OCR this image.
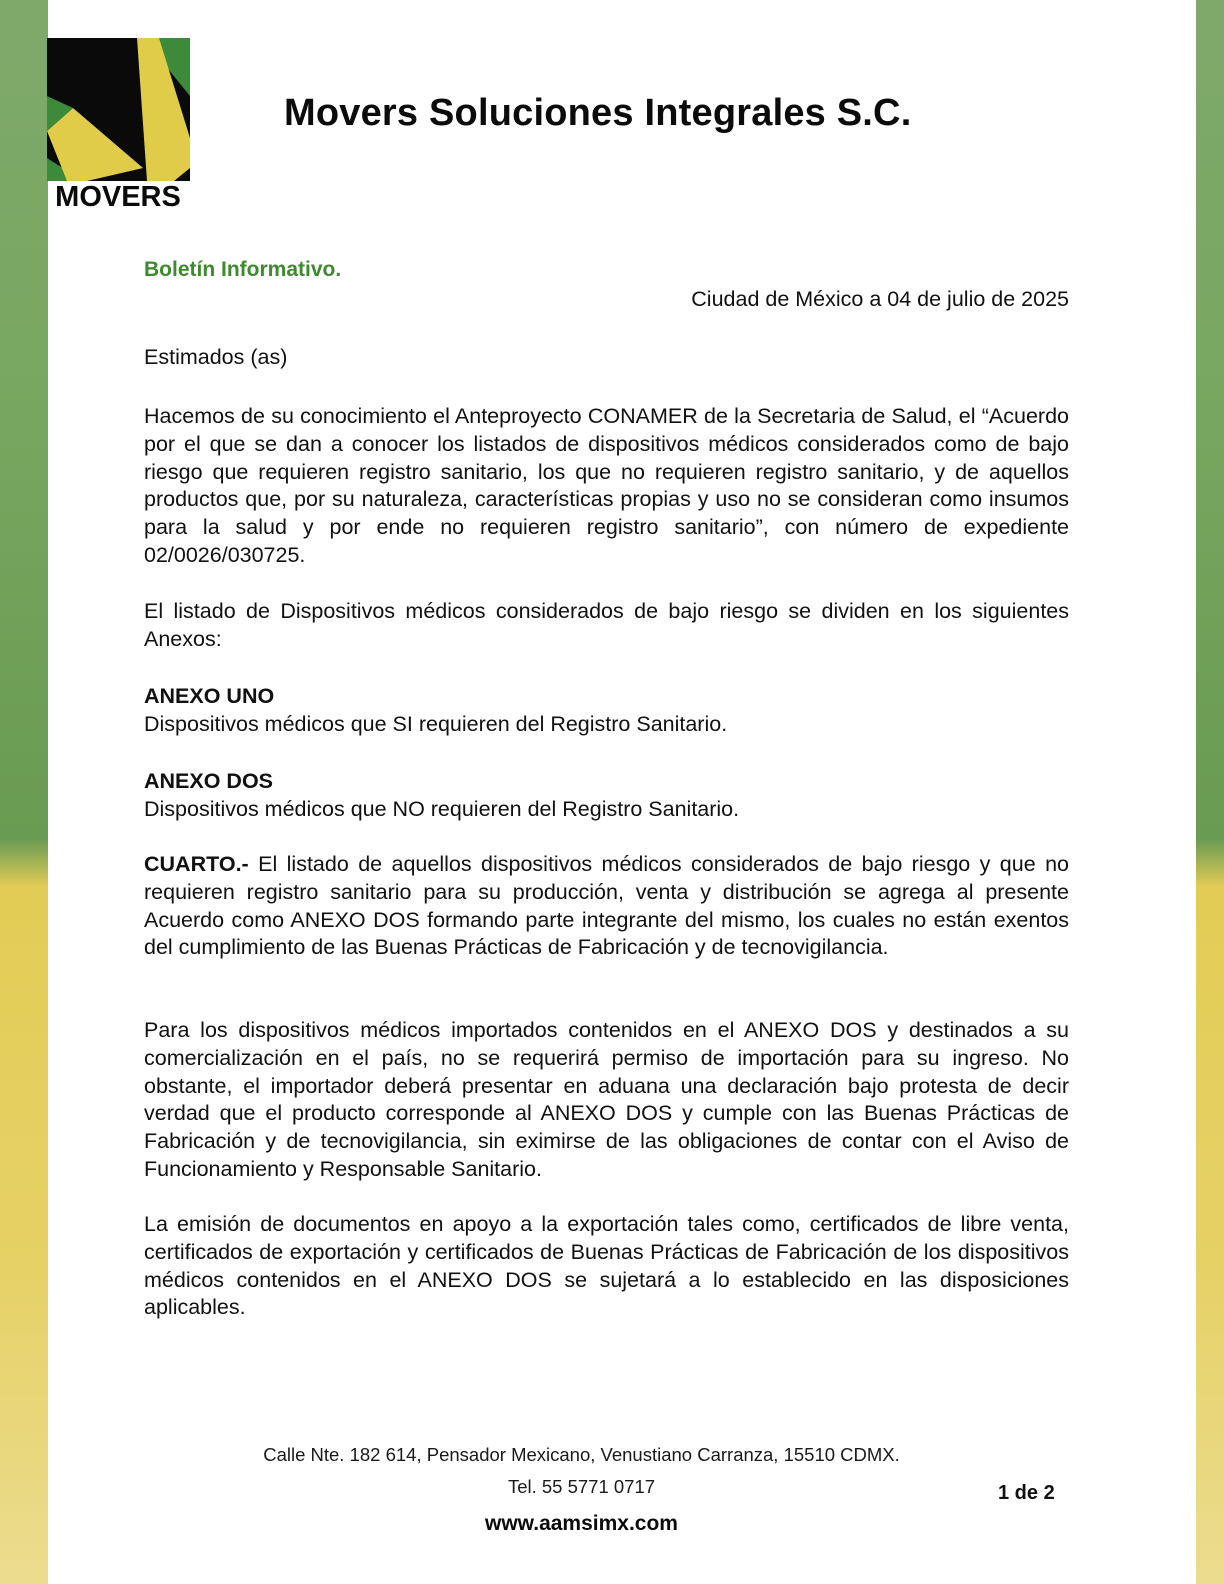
MOVERS
Movers Soluciones Integrales S.C.
Boletín Informativo.
Ciudad de México a 04 de julio de 2025
Estimados (as)

Hacemos de su conocimiento el Anteproyecto CONAMER de la Secretaria de Salud, el “Acuerdo por el que se dan a conocer los listados de dispositivos médicos considerados como de bajo riesgo que requieren registro sanitario, los que no requieren registro sanitario, y de aquellos productos que, por su naturaleza, características propias y uso no se consideran como insumos para la salud y por ende no requieren registro sanitario”, con número de expediente 02/0026/030725.

El listado de Dispositivos médicos considerados de bajo riesgo se dividen en los siguientes Anexos:

ANEXO UNO

Dispositivos médicos que SI requieren del Registro Sanitario.

ANEXO DOS

Dispositivos médicos que NO requieren del Registro Sanitario.

CUARTO.- El listado de aquellos dispositivos médicos considerados de bajo riesgo y que no requieren registro sanitario para su producción, venta y distribución se agrega al presente Acuerdo como ANEXO DOS formando parte integrante del mismo, los cuales no están exentos del cumplimiento de las Buenas Prácticas de Fabricación y de tecnovigilancia.

Para los dispositivos médicos importados contenidos en el ANEXO DOS y destinados a su comercialización en el país, no se requerirá permiso de importación para su ingreso. No obstante, el importador deberá presentar en aduana una declaración bajo protesta de decir verdad que el producto corresponde al ANEXO DOS y cumple con las Buenas Prácticas de Fabricación y de tecnovigilancia, sin eximirse de las obligaciones de contar con el Aviso de Funcionamiento y Responsable Sanitario.

La emisión de documentos en apoyo a la exportación tales como, certificados de libre venta, certificados de exportación y certificados de Buenas Prácticas de Fabricación de los dispositivos médicos contenidos en el ANEXO DOS se sujetará a lo establecido en las disposiciones aplicables.

Calle Nte. 182 614, Pensador Mexicano, Venustiano Carranza, 15510 CDMX.
Tel. 55 5771 0717
www.aamsimx.com
1 de 2
